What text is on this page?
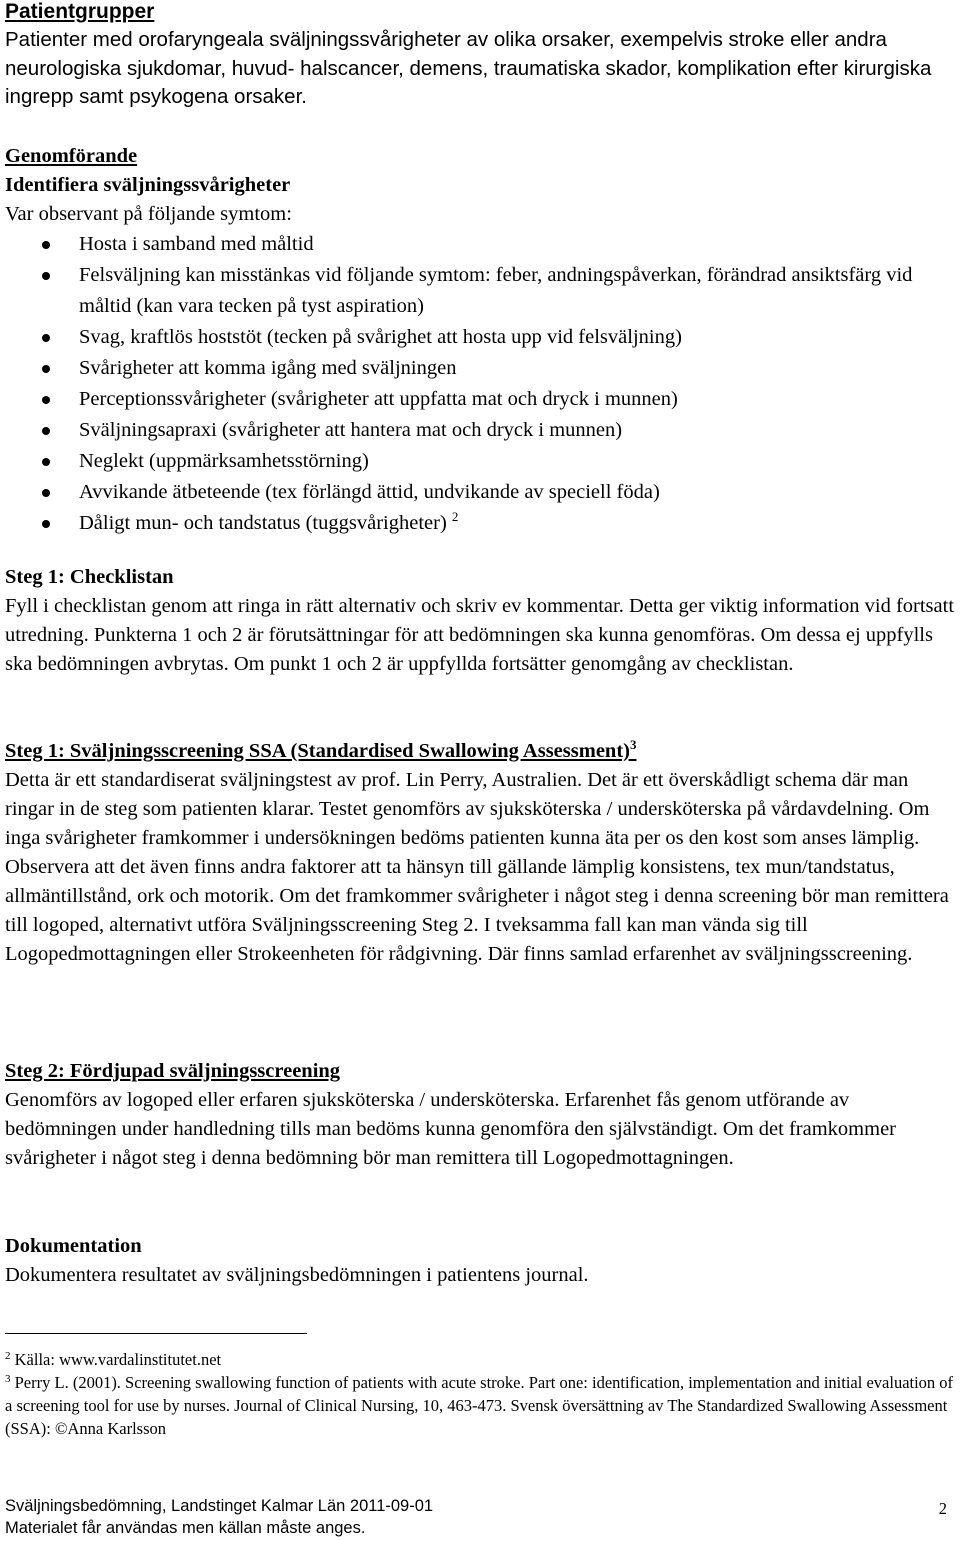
Patientgrupper

Patienter med orofaryngeala sväljningssvårigheter av olika orsaker, exempelvis stroke eller andra neurologiska sjukdomar, huvud- halscancer, demens, traumatiska skador, komplikation efter kirurgiska ingrepp samt psykogena orsaker.

Genomförande

Identifiera sväljningssvårigheter

Var observant på följande symtom:

Hosta i samband med måltid
Felsväljning kan misstänkas vid följande symtom: feber, andningspåverkan, förändrad ansiktsfärg vid måltid (kan vara tecken på tyst aspiration)
Svag, kraftlös hoststöt (tecken på svårighet att hosta upp vid felsväljning)
Svårigheter att komma igång med sväljningen
Perceptionssvårigheter (svårigheter att uppfatta mat och dryck i munnen)
Sväljningsapraxi (svårigheter att hantera mat och dryck i munnen)
Neglekt (uppmärksamhetsstörning)
Avvikande ätbeteende (tex förlängd ättid, undvikande av speciell föda)
Dåligt mun- och tandstatus (tuggsvårigheter) $^2$

Steg 1: Checklistan

Fyll i checklistan genom att ringa in rätt alternativ och skriv ev kommentar. Detta ger viktig information vid fortsatt utredning. Punkterna 1 och 2 är förutsättningar för att bedömningen ska kunna genomföras. Om dessa ej uppfylls ska bedömningen avbrytas. Om punkt 1 och 2 är uppfyllda fortsätter genomgång av checklistan.

Steg 1: Sväljningsscreening SSA (Standardised Swallowing Assessment)$^3$

Detta är ett standardiserat sväljningstest av prof. Lin Perry, Australien. Det är ett överskådligt schema där man ringar in de steg som patienten klarar. Testet genomförs av sjuksköterska / undersköterska på vårdavdelning. Om inga svårigheter framkommer i undersökningen bedöms patienten kunna äta per os den kost som anses lämplig. Observera att det även finns andra faktorer att ta hänsyn till gällande lämplig konsistens, tex mun/tandstatus, allmäntillstånd, ork och motorik. Om det framkommer svårigheter i något steg i denna screening bör man remittera till logoped, alternativt utföra Sväljningsscreening Steg 2. I tveksamma fall kan man vända sig till Logopedmottagningen eller Strokeenheten för rådgivning. Där finns samlad erfarenhet av sväljningsscreening.

Steg 2: Fördjupad sväljningsscreening

Genomförs av logoped eller erfaren sjuksköterska / undersköterska. Erfarenhet fås genom utförande av bedömningen under handledning tills man bedöms kunna genomföra den självständigt. Om det framkommer svårigheter i något steg i denna bedömning bör man remittera till Logopedmottagningen.

Dokumentation

Dokumentera resultatet av sväljningsbedömningen i patientens journal.

$^2$ Källa: www.vardalinstitutet.net

$^3$ Perry L. (2001). Screening swallowing function of patients with acute stroke. Part one: identification, implementation and initial evaluation of a screening tool for use by nurses. Journal of Clinical Nursing, 10, 463-473. Svensk översättning av The Standardized Swallowing Assessment (SSA): ©Anna Karlsson

Sväljningsbedömning, Landstinget Kalmar Län 2011-09-01

Materialet får användas men källan måste anges.

2
